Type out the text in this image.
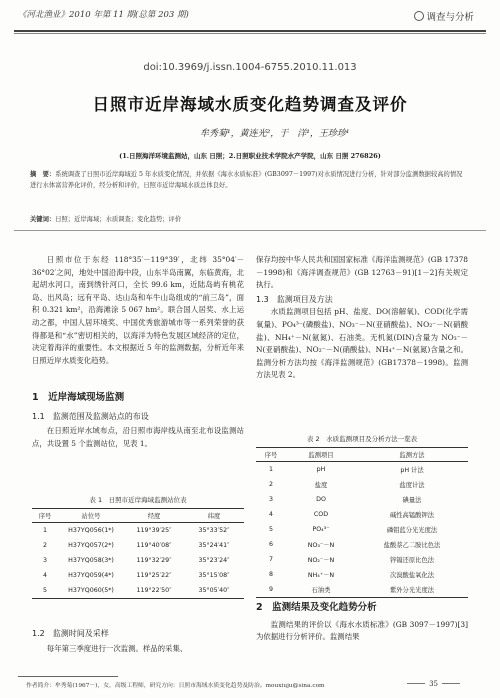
《河北渔业》2010 年第 11 期(总第 203 期)	调查与分析
doi:10.3969/j.issn.1004-6755.2010.11.013
日照市近岸海域水质变化趋势调查及评价
牟秀菊¹，黄连光²，于　洋¹，王珍珍¹
(1.日照海洋环境监测站，山东 日照；2.日照职业技术学院水产学院，山东 日照 276826)
摘　要：系统调查了日照市近岸海域近 5 年水质变化情况，并依据《海水水质标准》(GB3097－1997)对水质情况进行分析，针对部分监测数据较高的情况进行水体富营养化评价，经分析和评价，日照市近岸海域水质总体良好。
关键词：日照；近岸海域；水质调查；变化趋势；评价

日照市位于东经 118°35′－119°39′，北纬 35°04′－36°02′之间，地处中国沿海中段，山东半岛南翼，东临黄海，北起胡水河口，南到绣针河口，全长 99.6 km，近陆岛屿有桃花岛、出风岛；远有平岛、达山岛和车牛山岛组成的“前三岛”，面积 0.321 km²，沿海滩涂 5 067 hm²。联合国人居奖、水上运动之都，中国人居环境奖、中国优秀旅游城市等一系列荣誉的获得都是和“水”密切相关的，以海洋为特色发展区域经济的定位，决定着海洋的重要性。本文根据近 5 年的监测数据，分析近年来日照近岸水质变化趋势。

1　近岸海域现场监测
1.1　监测范围及监测站点的布设

在日照近岸水域布点，沿日照市海岸线从南至北布设监测站点，共设置 5 个监测站位，见表 1。

表 1　日照市近岸海域监测站位表
序号	站位号	经度	纬度
1	H37YQ056(1*)	119°39′25″	35°33′52″
2	H37YQ057(2*)	119°40′08″	35°24′41″
3	H37YQ058(3*)	119°32′29″	35°23′24″
4	H37YQ059(4*)	119°25′22″	35°15′08″
5	H37YQ060(5*)	119°22′50″	35°05′40″
1.2　监测时间及采样

每年第三季度进行一次监测。样品的采集、

保存均按中华人民共和国国家标准《海洋监测规范》(GB 17378－1998)和《海洋调查规范》(GB 12763－91)[1－2]有关规定执行。

1.3　监测项目及方法

水质监测项目包括 pH、盐度、DO(溶解氧)、COD(化学需氧量)、PO₄³⁻(磷酸盐)、NO₃⁻－N(亚硝酸盐)、NO₂⁻－N(硝酸盐)、NH₄⁺－N(氨氮)、石油类。无机氮(DIN)含量为 NO₃⁻－N(亚硝酸盐)、NO₂⁻－N(硝酸盐)、NH₄⁺－N(氨氮)含量之和。监测分析方法均按《海洋监测规范》(GB17378－1998)。监测方法见表 2。

表 2　水质监测项目及分析方法一览表
序号	监测项目	监测方法
1	pH	pH 计法
2	盐度	盐度计法
3	DO	碘量法
4	COD	碱性高锰酸钾法
5	PO₄³⁻	磷钼蓝分光光度法
6	NO₃⁻－N	盐酸萘乙二胺比色法
7	NO₂⁻－N	锌镉还原比色法
8	NH₄⁺－N	次溴酸盐氧化法
9	石油类	紫外分光光度法
2　监测结果及变化趋势分析

监测结果的评价以《海水水质标准》(GB 3097－1997)[3]为依据进行分析评价。监测结果

作者简介：牟秀菊(1967－)，女，高级工程师，研究方向：日照市海域水质变化趋势及防治。mouxiuju@sina.com	35
